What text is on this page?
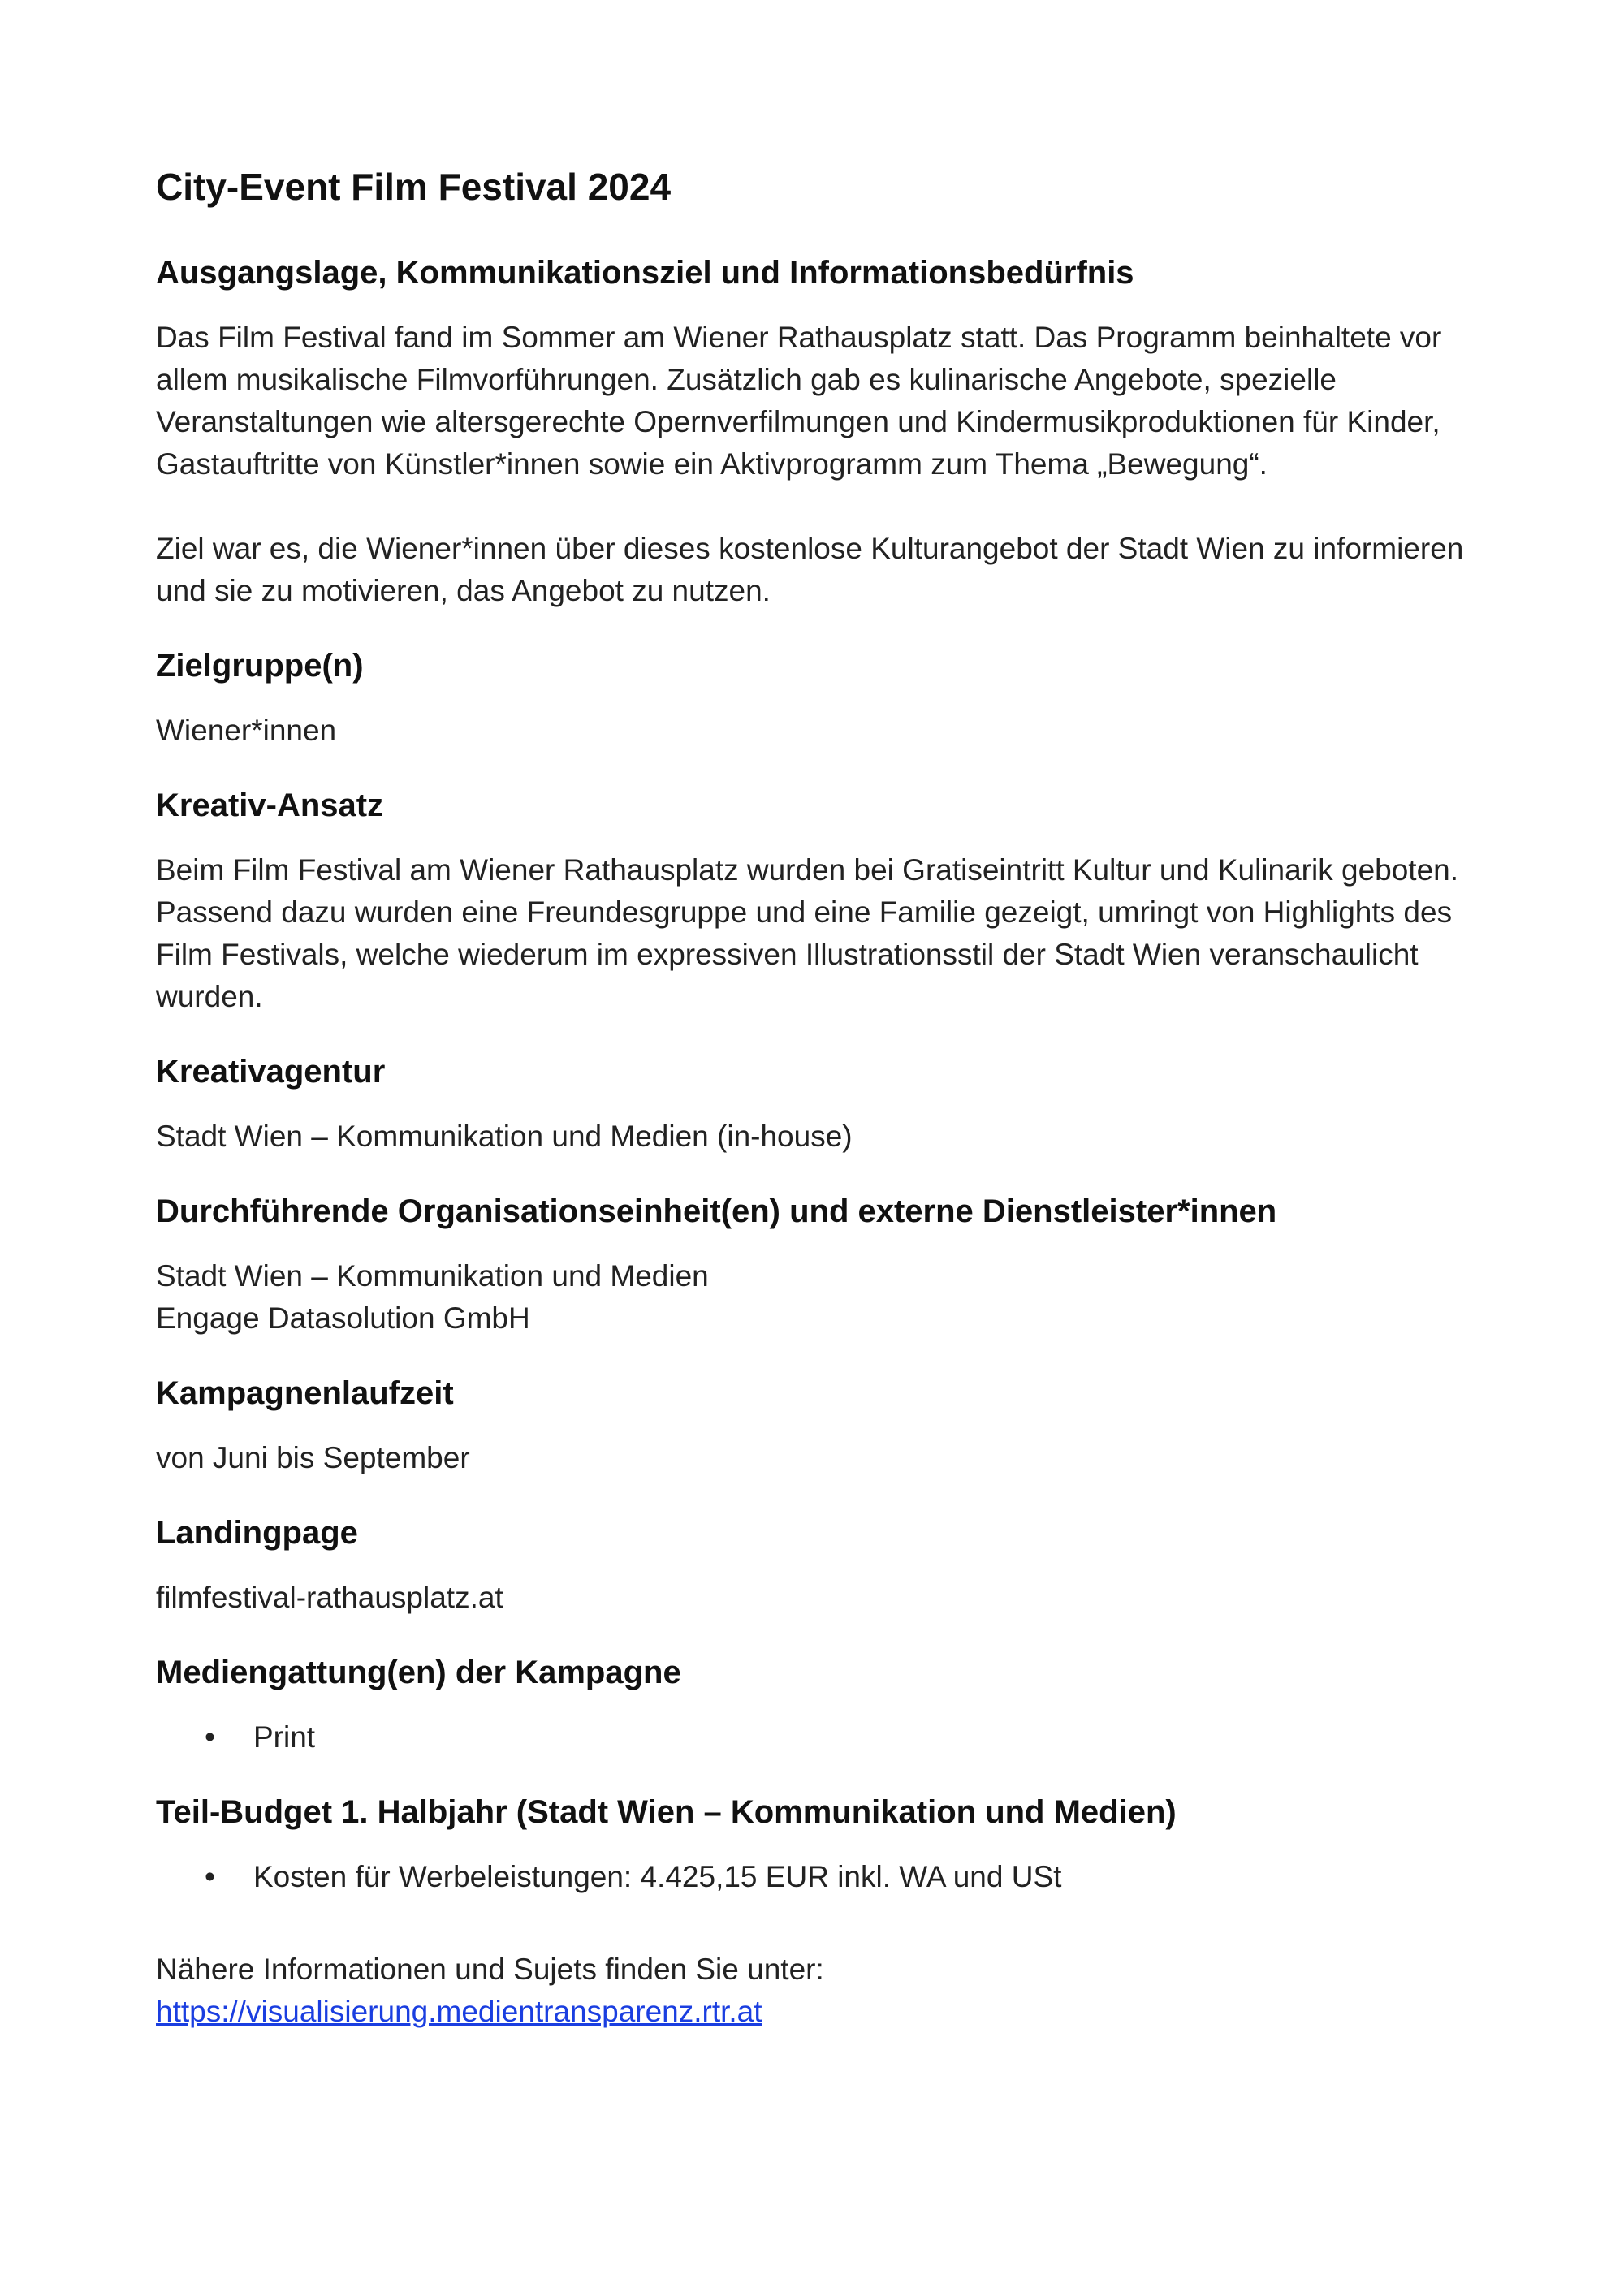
City-Event Film Festival 2024
Ausgangslage, Kommunikationsziel und Informationsbedürfnis

Das Film Festival fand im Sommer am Wiener Rathausplatz statt. Das Programm beinhaltete vor allem musikalische Filmvorführungen. Zusätzlich gab es kulinarische Angebote, spezielle Veranstaltungen wie altersgerechte Opernverfilmungen und Kindermusikproduktionen für Kinder, Gastauftritte von Künstler*innen sowie ein Aktivprogramm zum Thema „Bewegung“.

Ziel war es, die Wiener*innen über dieses kostenlose Kulturangebot der Stadt Wien zu informieren und sie zu motivieren, das Angebot zu nutzen.

Zielgruppe(n)

Wiener*innen

Kreativ-Ansatz

Beim Film Festival am Wiener Rathausplatz wurden bei Gratiseintritt Kultur und Kulinarik geboten. Passend dazu wurden eine Freundesgruppe und eine Familie gezeigt, umringt von Highlights des Film Festivals, welche wiederum im expressiven Illustrationsstil der Stadt Wien veranschaulicht wurden.

Kreativagentur

Stadt Wien – Kommunikation und Medien (in-house)

Durchführende Organisationseinheit(en) und externe Dienstleister*innen
Stadt Wien – Kommunikation und Medien
Engage Datasolution GmbH
Kampagnenlaufzeit

von Juni bis September

Landingpage

filmfestival-rathausplatz.at

Mediengattung(en) der Kampagne
• Print
Teil-Budget 1. Halbjahr (Stadt Wien – Kommunikation und Medien)
• Kosten für Werbeleistungen: 4.425,15 EUR inkl. WA und USt
Nähere Informationen und Sujets finden Sie unter:
https://visualisierung.medientransparenz.rtr.at
